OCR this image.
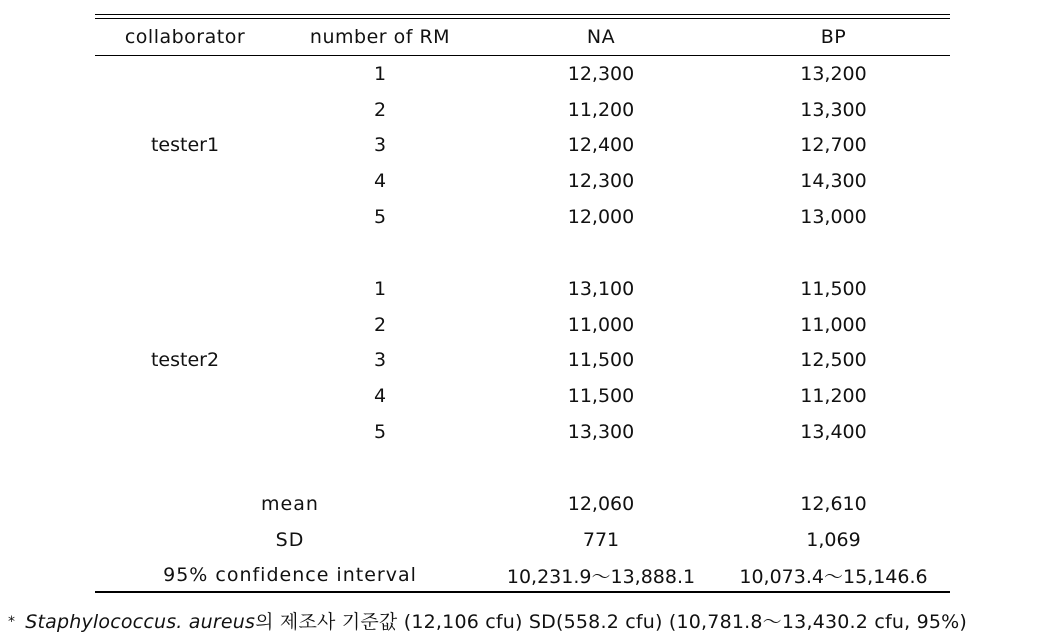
collaborator	number of RM	NA	BP
tester1	1	12,300	13,200
	2	11,200	13,300
	3	12,400	12,700
	4	12,300	14,300
	5	12,000	13,000

tester2	1	13,100	11,500
	2	11,000	11,000
	3	11,500	12,500
	4	11,500	11,200
	5	13,300	13,400

mean		12,060	12,610
SD		771	1,069
95% confidence interval		10,231.9～13,888.1	10,073.4～15,146.6
* Staphylococcus. aureus의 제조사 기준값 (12,106 cfu) SD(558.2 cfu) (10,781.8～13,430.2 cfu, 95%)
